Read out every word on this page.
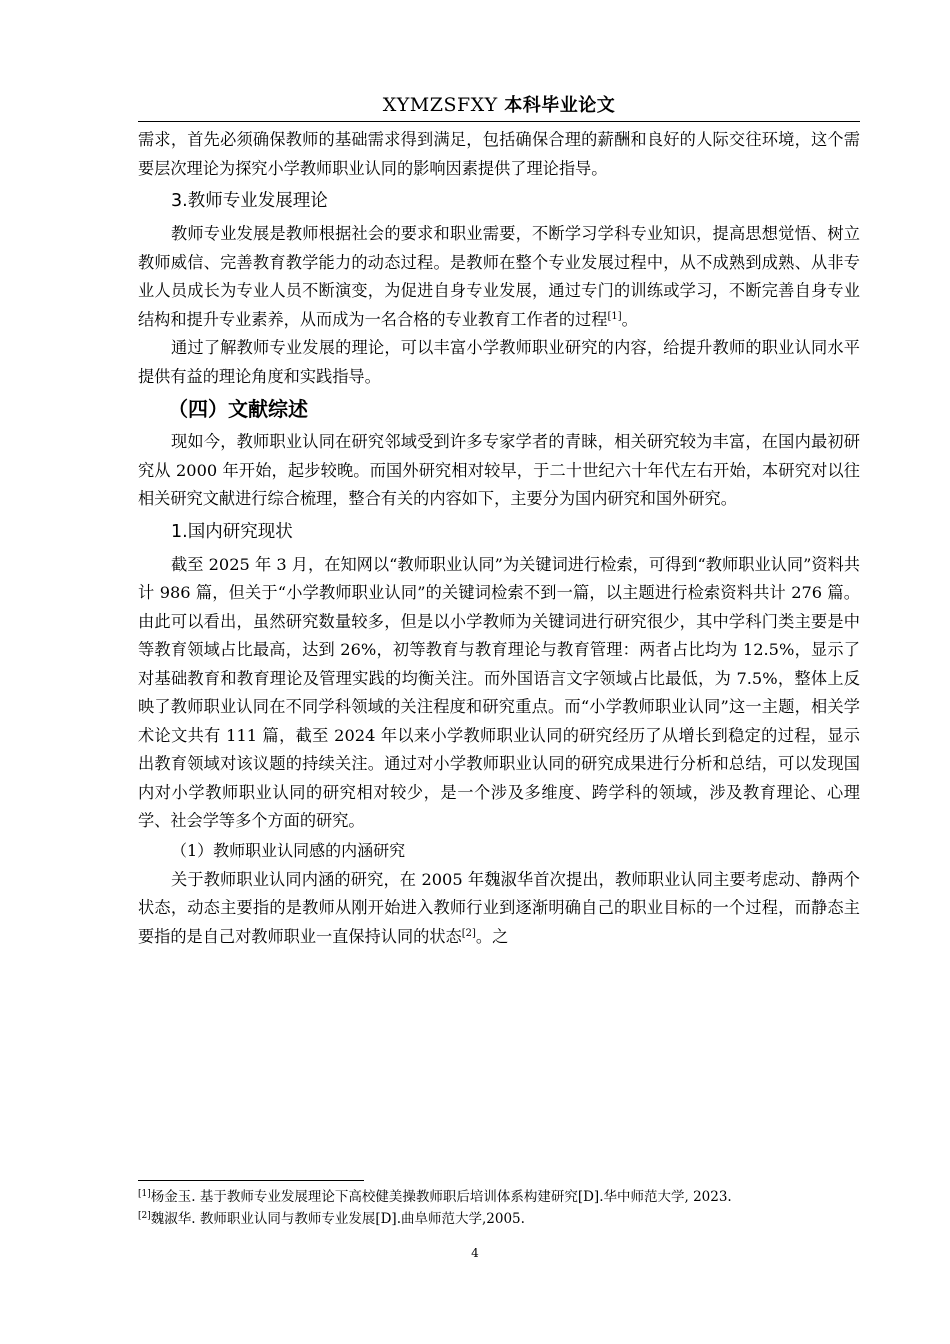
XYMZSFXY 本科毕业论文

需求，首先必须确保教师的基础需求得到满足，包括确保合理的薪酬和良好的人际交往环境，这个需要层次理论为探究小学教师职业认同的影响因素提供了理论指导。

3.教师专业发展理论

教师专业发展是教师根据社会的要求和职业需要，不断学习学科专业知识，提高思想觉悟、树立教师威信、完善教育教学能力的动态过程。是教师在整个专业发展过程中，从不成熟到成熟、从非专业人员成长为专业人员不断演变，为促进自身专业发展，通过专门的训练或学习，不断完善自身专业结构和提升专业素养，从而成为一名合格的专业教育工作者的过程[1]。

通过了解教师专业发展的理论，可以丰富小学教师职业研究的内容，给提升教师的职业认同水平提供有益的理论角度和实践指导。

（四）文献综述

现如今，教师职业认同在研究邻域受到许多专家学者的青睐，相关研究较为丰富，在国内最初研究从 2000 年开始，起步较晚。而国外研究相对较早，于二十世纪六十年代左右开始，本研究对以往相关研究文献进行综合梳理，整合有关的内容如下，主要分为国内研究和国外研究。

1.国内研究现状

截至 2025 年 3 月，在知网以“教师职业认同”为关键词进行检索，可得到“教师职业认同”资料共计 986 篇，但关于“小学教师职业认同”的关键词检索不到一篇，以主题进行检索资料共计 276 篇。由此可以看出，虽然研究数量较多，但是以小学教师为关键词进行研究很少，其中学科门类主要是中等教育领域占比最高，达到 26%，初等教育与教育理论与教育管理：两者占比均为 12.5%，显示了对基础教育和教育理论及管理实践的均衡关注。而外国语言文字领域占比最低，为 7.5%，整体上反映了教师职业认同在不同学科领域的关注程度和研究重点。而“小学教师职业认同”这一主题，相关学术论文共有 111 篇，截至 2024 年以来小学教师职业认同的研究经历了从增长到稳定的过程，显示出教育领域对该议题的持续关注。通过对小学教师职业认同的研究成果进行分析和总结，可以发现国内对小学教师职业认同的研究相对较少，是一个涉及多维度、跨学科的领域，涉及教育理论、心理学、社会学等多个方面的研究。

（1）教师职业认同感的内涵研究

关于教师职业认同内涵的研究，在 2005 年魏淑华首次提出，教师职业认同主要考虑动、静两个状态，动态主要指的是教师从刚开始进入教师行业到逐渐明确自己的职业目标的一个过程，而静态主要指的是自己对教师职业一直保持认同的状态[2]。之

[1]杨金玉. 基于教师专业发展理论下高校健美操教师职后培训体系构建研究[D].华中师范大学, 2023.
[2]魏淑华. 教师职业认同与教师专业发展[D].曲阜师范大学,2005.
4
